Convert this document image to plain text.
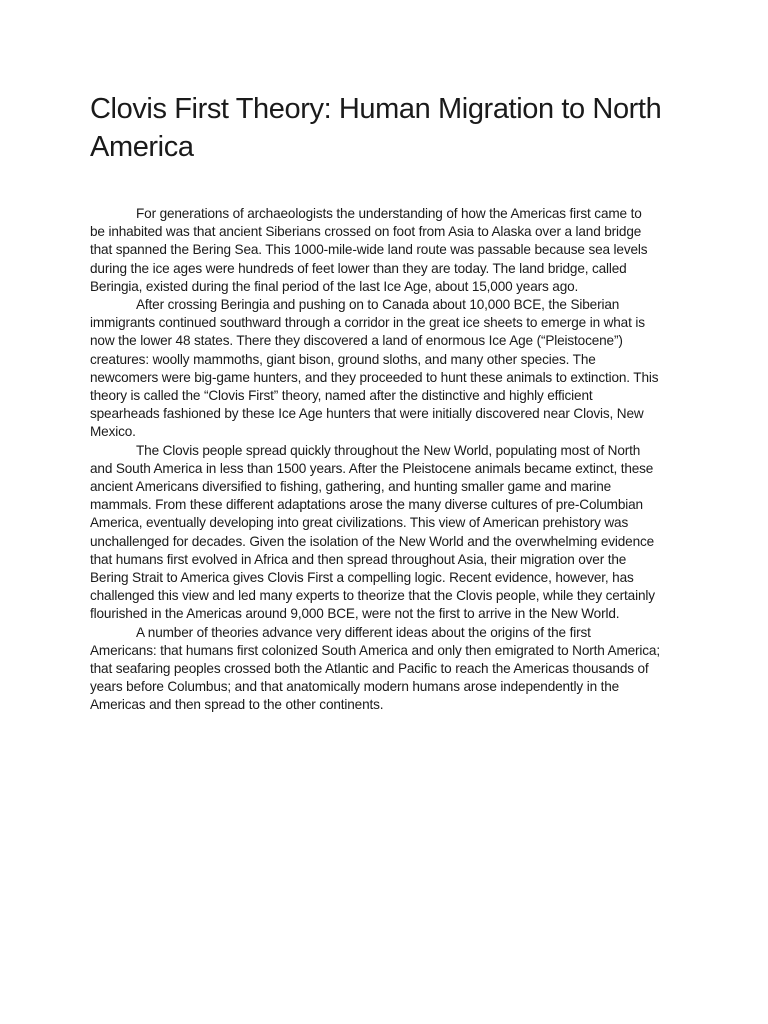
Clovis First Theory: Human Migration to North America

For generations of archaeologists the understanding of how the Americas first came to be inhabited was that ancient Siberians crossed on foot from Asia to Alaska over a land bridge that spanned the Bering Sea. This 1000-mile-wide land route was passable because sea levels during the ice ages were hundreds of feet lower than they are today. The land bridge, called Beringia, existed during the final period of the last Ice Age, about 15,000 years ago.

After crossing Beringia and pushing on to Canada about 10,000 BCE, the Siberian immigrants continued southward through a corridor in the great ice sheets to emerge in what is now the lower 48 states. There they discovered a land of enormous Ice Age (“Pleistocene”) creatures: woolly mammoths, giant bison, ground sloths, and many other species. The newcomers were big-game hunters, and they proceeded to hunt these animals to extinction. This theory is called the “Clovis First” theory, named after the distinctive and highly efficient spearheads fashioned by these Ice Age hunters that were initially discovered near Clovis, New Mexico.

The Clovis people spread quickly throughout the New World, populating most of North and South America in less than 1500 years. After the Pleistocene animals became extinct, these ancient Americans diversified to fishing, gathering, and hunting smaller game and marine mammals. From these different adaptations arose the many diverse cultures of pre-Columbian America, eventually developing into great civilizations. This view of American prehistory was unchallenged for decades. Given the isolation of the New World and the overwhelming evidence that humans first evolved in Africa and then spread throughout Asia, their migration over the Bering Strait to America gives Clovis First a compelling logic. Recent evidence, however, has challenged this view and led many experts to theorize that the Clovis people, while they certainly flourished in the Americas around 9,000 BCE, were not the first to arrive in the New World.

A number of theories advance very different ideas about the origins of the first Americans: that humans first colonized South America and only then emigrated to North America; that seafaring peoples crossed both the Atlantic and Pacific to reach the Americas thousands of years before Columbus; and that anatomically modern humans arose independently in the Americas and then spread to the other continents.
